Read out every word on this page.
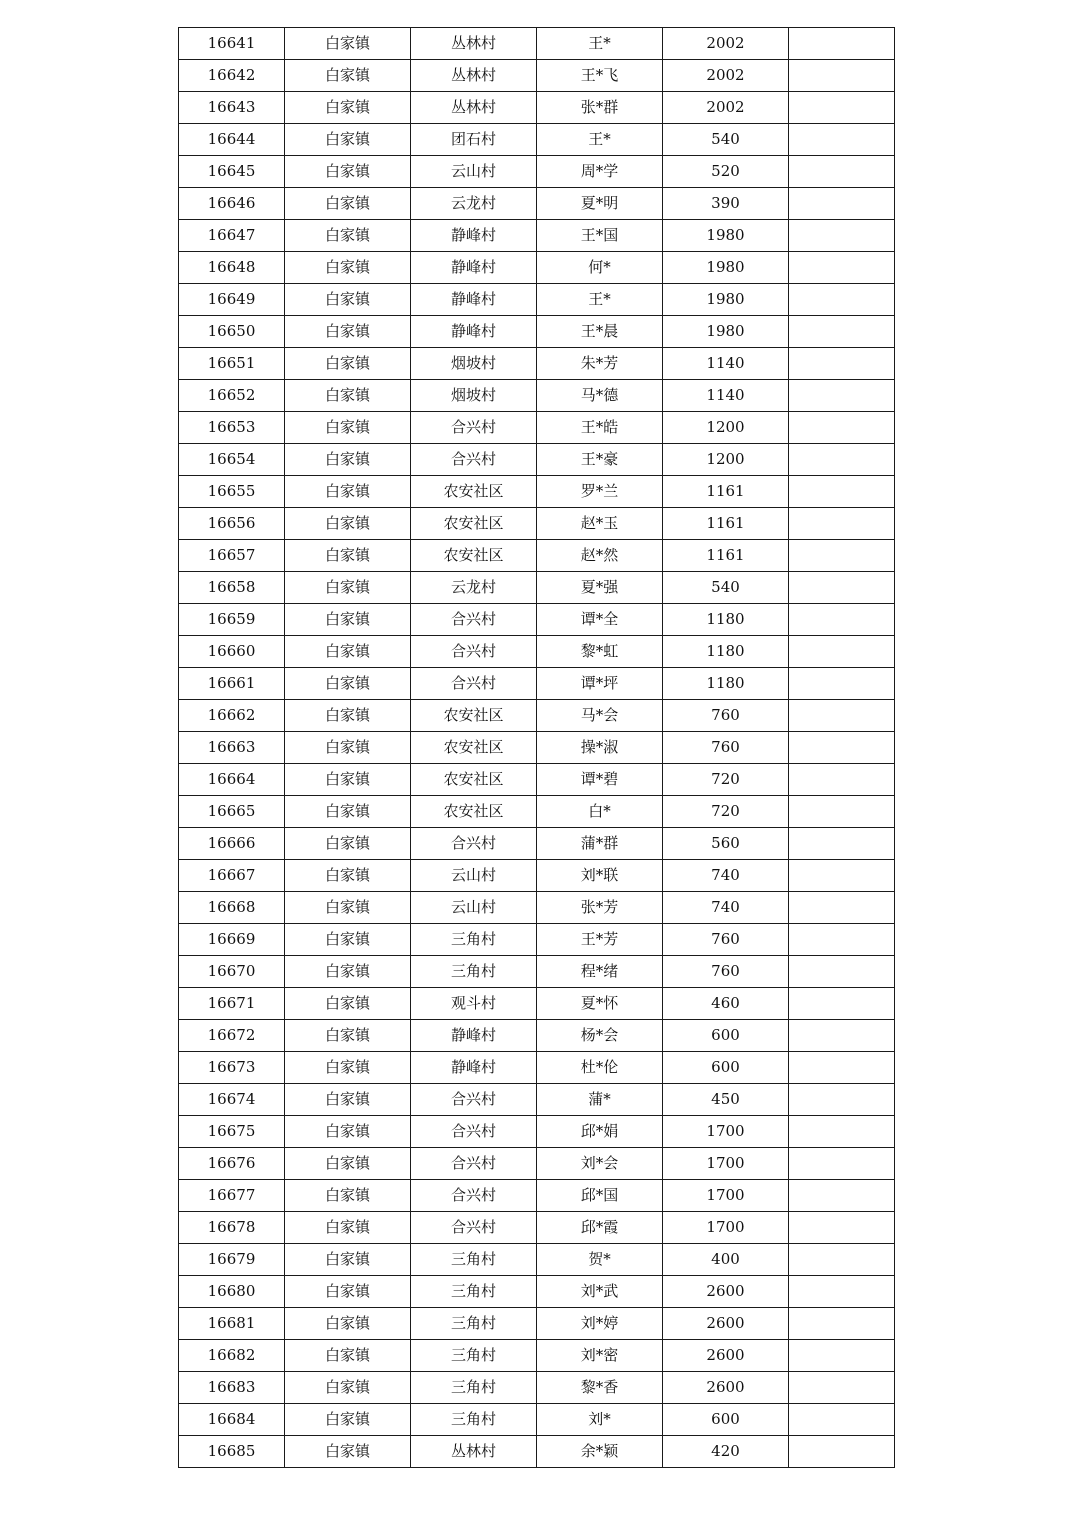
16641	白家镇	丛林村	王*	2002	
16642	白家镇	丛林村	王*飞	2002	
16643	白家镇	丛林村	张*群	2002	
16644	白家镇	团石村	王*	540	
16645	白家镇	云山村	周*学	520	
16646	白家镇	云龙村	夏*明	390	
16647	白家镇	静峰村	王*国	1980	
16648	白家镇	静峰村	何*	1980	
16649	白家镇	静峰村	王*	1980	
16650	白家镇	静峰村	王*晨	1980	
16651	白家镇	烟坡村	朱*芳	1140	
16652	白家镇	烟坡村	马*德	1140	
16653	白家镇	合兴村	王*皓	1200	
16654	白家镇	合兴村	王*豪	1200	
16655	白家镇	农安社区	罗*兰	1161	
16656	白家镇	农安社区	赵*玉	1161	
16657	白家镇	农安社区	赵*然	1161	
16658	白家镇	云龙村	夏*强	540	
16659	白家镇	合兴村	谭*全	1180	
16660	白家镇	合兴村	黎*虹	1180	
16661	白家镇	合兴村	谭*坪	1180	
16662	白家镇	农安社区	马*会	760	
16663	白家镇	农安社区	操*淑	760	
16664	白家镇	农安社区	谭*碧	720	
16665	白家镇	农安社区	白*	720	
16666	白家镇	合兴村	蒲*群	560	
16667	白家镇	云山村	刘*联	740	
16668	白家镇	云山村	张*芳	740	
16669	白家镇	三角村	王*芳	760	
16670	白家镇	三角村	程*绪	760	
16671	白家镇	观斗村	夏*怀	460	
16672	白家镇	静峰村	杨*会	600	
16673	白家镇	静峰村	杜*伦	600	
16674	白家镇	合兴村	蒲*	450	
16675	白家镇	合兴村	邱*娟	1700	
16676	白家镇	合兴村	刘*会	1700	
16677	白家镇	合兴村	邱*国	1700	
16678	白家镇	合兴村	邱*霞	1700	
16679	白家镇	三角村	贺*	400	
16680	白家镇	三角村	刘*武	2600	
16681	白家镇	三角村	刘*婷	2600	
16682	白家镇	三角村	刘*密	2600	
16683	白家镇	三角村	黎*香	2600	
16684	白家镇	三角村	刘*	600	
16685	白家镇	丛林村	余*颖	420	
